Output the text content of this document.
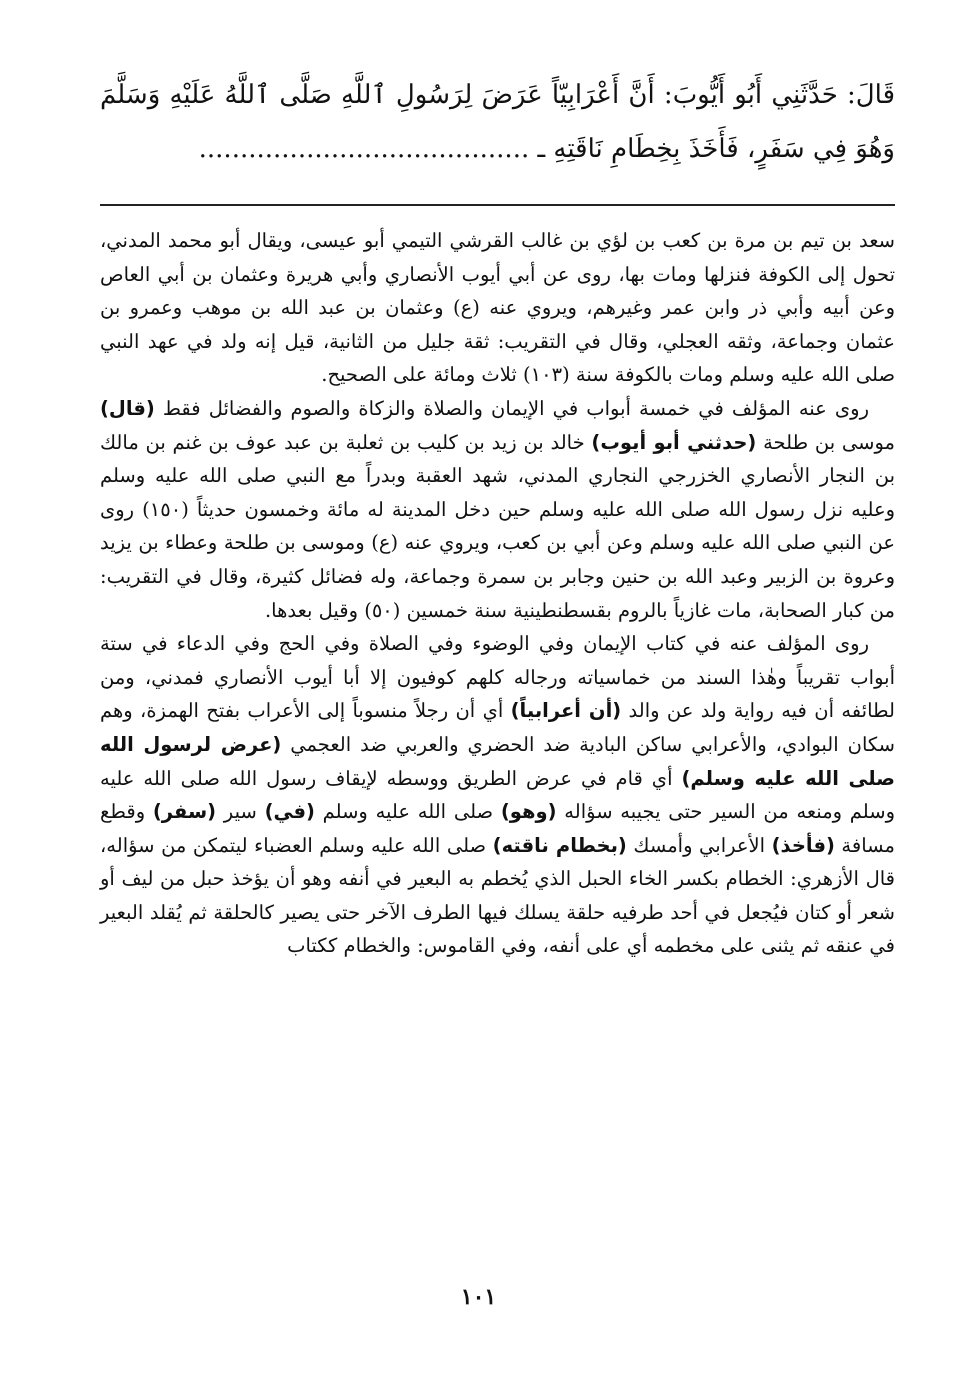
قَالَ: حَدَّثَنِي أَبُو أَيُّوبَ: أَنَّ أَعْرَابِيّاً عَرَضَ لِرَسُولِ ٱللَّهِ صَلَّى ٱللَّهُ عَلَيْهِ وَسَلَّمَ وَهُوَ فِي سَفَرٍ، فَأَخَذَ بِخِطَامِ نَاقَتِهِ ـ ........................................

سعد بن تيم بن مرة بن كعب بن لؤي بن غالب القرشي التيمي أبو عيسى، ويقال أبو محمد المدني، تحول إلى الكوفة فنزلها ومات بها، روى عن أبي أيوب الأنصاري وأبي هريرة وعثمان بن أبي العاص وعن أبيه وأبي ذر وابن عمر وغيرهم، ويروي عنه (ع) وعثمان بن عبد الله بن موهب وعمرو بن عثمان وجماعة، وثقه العجلي، وقال في التقريب: ثقة جليل من الثانية، قيل إنه ولد في عهد النبي صلى الله عليه وسلم ومات بالكوفة سنة (١٠٣) ثلاث ومائة على الصحيح.

روى عنه المؤلف في خمسة أبواب في الإيمان والصلاة والزكاة والصوم والفضائل فقط (قال) موسى بن طلحة (حدثني أبو أيوب) خالد بن زيد بن كليب بن ثعلبة بن عبد عوف بن غنم بن مالك بن النجار الأنصاري الخزرجي النجاري المدني، شهد العقبة وبدراً مع النبي صلى الله عليه وسلم وعليه نزل رسول الله صلى الله عليه وسلم حين دخل المدينة له مائة وخمسون حديثاً (١٥٠) روى عن النبي صلى الله عليه وسلم وعن أبي بن كعب، ويروي عنه (ع) وموسى بن طلحة وعطاء بن يزيد وعروة بن الزبير وعبد الله بن حنين وجابر بن سمرة وجماعة، وله فضائل كثيرة، وقال في التقريب: من كبار الصحابة، مات غازياً بالروم بقسطنطينية سنة خمسين (٥٠) وقيل بعدها.

روى المؤلف عنه في كتاب الإيمان وفي الوضوء وفي الصلاة وفي الحج وفي الدعاء في ستة أبواب تقريباً وهٰذا السند من خماسياته ورجاله كلهم كوفيون إلا أبا أيوب الأنصاري فمدني، ومن لطائفه أن فيه رواية ولد عن والد (أن أعرابياً) أي أن رجلاً منسوباً إلى الأعراب بفتح الهمزة، وهم سكان البوادي، والأعرابي ساكن البادية ضد الحضري والعربي ضد العجمي (عرض لرسول الله صلى الله عليه وسلم) أي قام في عرض الطريق ووسطه لإيقاف رسول الله صلى الله عليه وسلم ومنعه من السير حتى يجيبه سؤاله (وهو) صلى الله عليه وسلم (في) سير (سفر) وقطع مسافة (فأخذ) الأعرابي وأمسك (بخطام ناقته) صلى الله عليه وسلم العضباء ليتمكن من سؤاله، قال الأزهري: الخطام بكسر الخاء الحبل الذي يُخطم به البعير في أنفه وهو أن يؤخذ حبل من ليف أو شعر أو كتان فيُجعل في أحد طرفيه حلقة يسلك فيها الطرف الآخر حتى يصير كالحلقة ثم يُقلد البعير في عنقه ثم يثنى على مخطمه أي على أنفه، وفي القاموس: والخطام ككتاب

١٠١
